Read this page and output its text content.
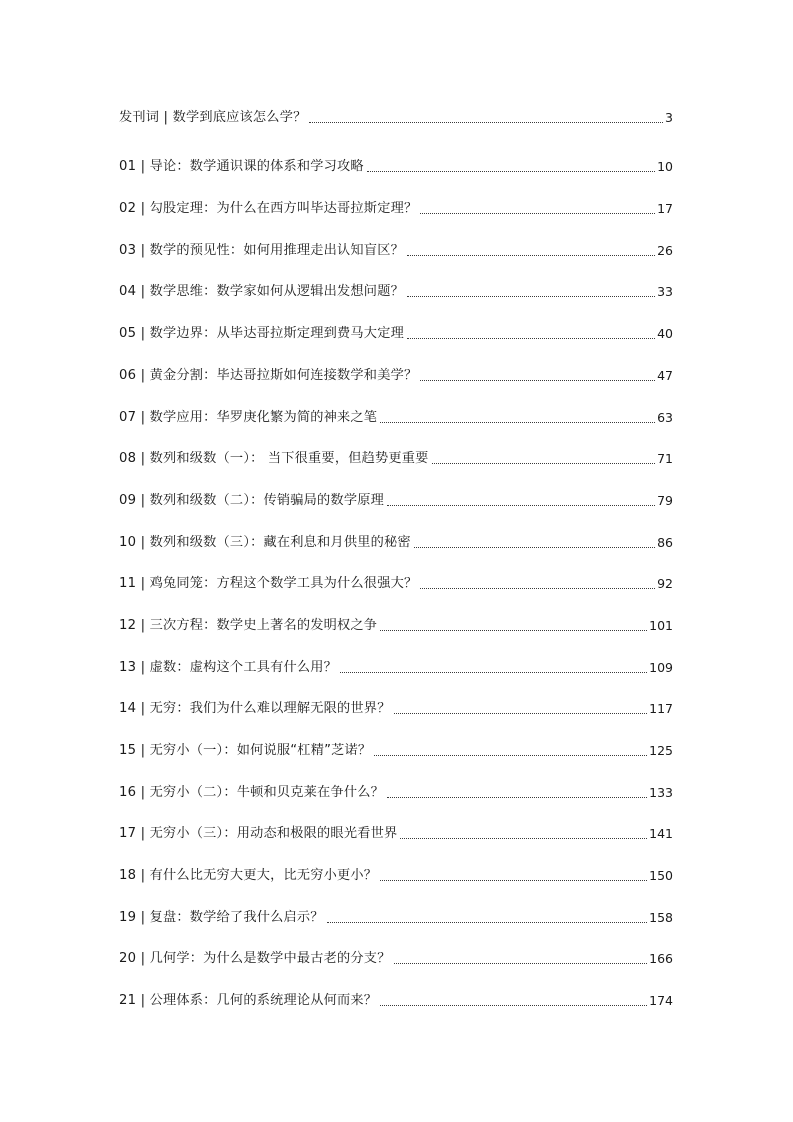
发刊词 | 数学到底应该怎么学？	3
01 | 导论：数学通识课的体系和学习攻略	10
02 | 勾股定理：为什么在西方叫毕达哥拉斯定理？	17
03 | 数学的预见性：如何用推理走出认知盲区？	26
04 | 数学思维：数学家如何从逻辑出发想问题？	33
05 | 数学边界：从毕达哥拉斯定理到费马大定理	40
06 | 黄金分割：毕达哥拉斯如何连接数学和美学？	47
07 | 数学应用：华罗庚化繁为简的神来之笔	63
08 | 数列和级数（一）： 当下很重要，但趋势更重要	71
09 | 数列和级数（二）：传销骗局的数学原理	79
10 | 数列和级数（三）：藏在利息和月供里的秘密	86
11 | 鸡兔同笼：方程这个数学工具为什么很强大？	92
12 | 三次方程：数学史上著名的发明权之争	101
13 | 虚数：虚构这个工具有什么用？	109
14 | 无穷：我们为什么难以理解无限的世界？	117
15 | 无穷小（一）：如何说服“杠精”芝诺？	125
16 | 无穷小（二）：牛顿和贝克莱在争什么？	133
17 | 无穷小（三）：用动态和极限的眼光看世界	141
18 | 有什么比无穷大更大，比无穷小更小？	150
19 | 复盘：数学给了我什么启示？	158
20 | 几何学：为什么是数学中最古老的分支？	166
21 | 公理体系：几何的系统理论从何而来？	174
